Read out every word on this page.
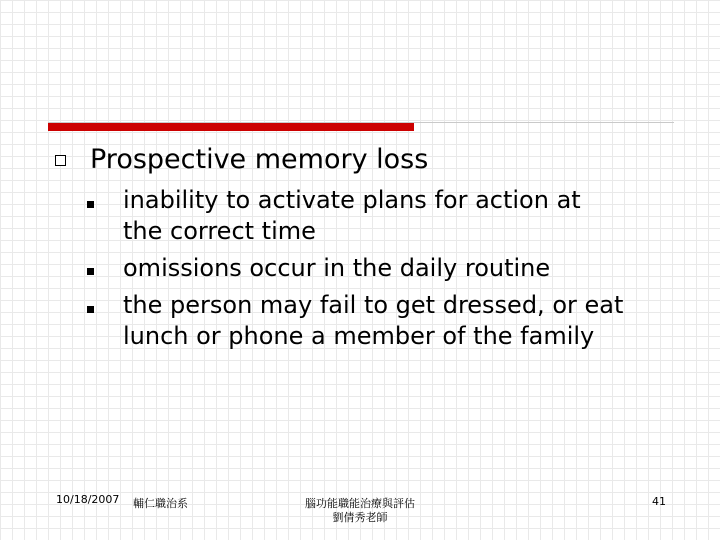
Prospective memory loss
inability to activate plans for action at
the correct time
omissions occur in the daily routine
the person may fail to get dressed, or eat
lunch or phone a member of the family
10/18/2007 輔仁職治系	腦功能職能治療與評估
劉倩秀老師
41
